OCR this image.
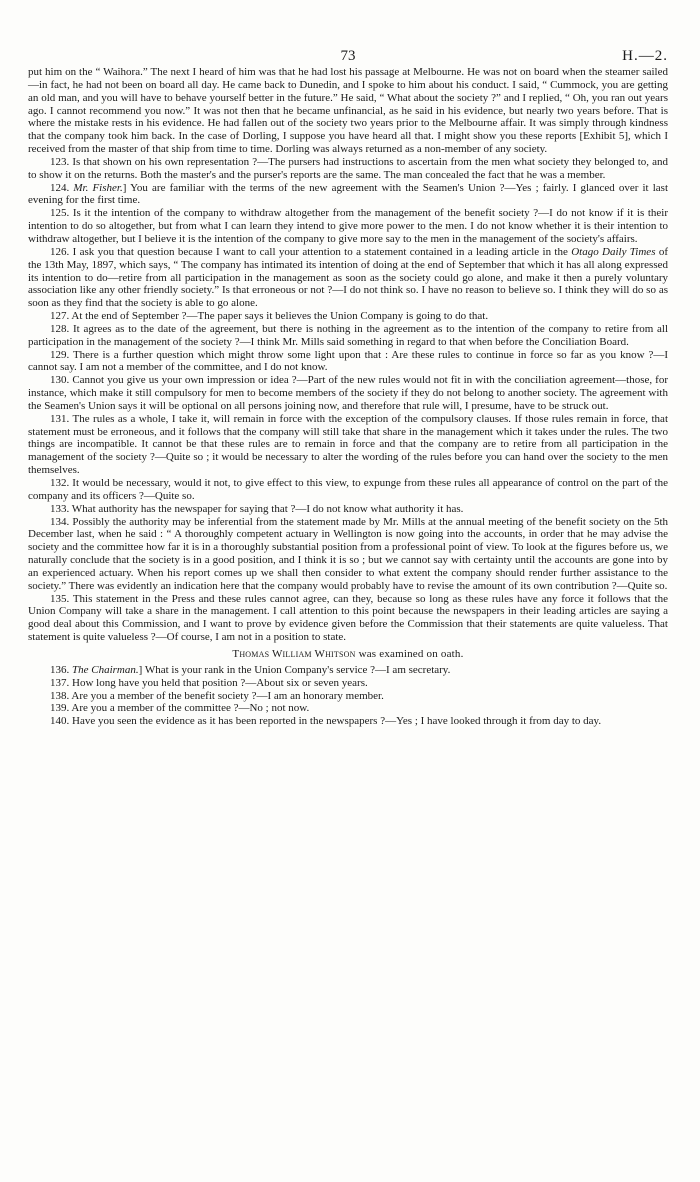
73	H.—2.

put him on the “ Waihora.” The next I heard of him was that he had lost his passage at Melbourne. He was not on board when the steamer sailed—in fact, he had not been on board all day. He came back to Dunedin, and I spoke to him about his conduct. I said, “ Cummock, you are getting an old man, and you will have to behave yourself better in the future.” He said, “ What about the society ?” and I replied, “ Oh, you ran out years ago. I cannot recommend you now.” It was not then that he became unfinancial, as he said in his evidence, but nearly two years before. That is where the mistake rests in his evidence. He had fallen out of the society two years prior to the Melbourne affair. It was simply through kindness that the company took him back. In the case of Dorling, I suppose you have heard all that. I might show you these reports [Exhibit 5], which I received from the master of that ship from time to time. Dorling was always returned as a non-member of any society.

123. Is that shown on his own representation ?—The pursers had instructions to ascertain from the men what society they belonged to, and to show it on the returns. Both the master's and the purser's reports are the same. The man concealed the fact that he was a member.

124. Mr. Fisher.] You are familiar with the terms of the new agreement with the Seamen's Union ?—Yes ; fairly. I glanced over it last evening for the first time.

125. Is it the intention of the company to withdraw altogether from the management of the benefit society ?—I do not know if it is their intention to do so altogether, but from what I can learn they intend to give more power to the men. I do not know whether it is their intention to withdraw altogether, but I believe it is the intention of the company to give more say to the men in the management of the society's affairs.

126. I ask you that question because I want to call your attention to a statement contained in a leading article in the Otago Daily Times of the 13th May, 1897, which says, “ The company has intimated its intention of doing at the end of September that which it has all along expressed its intention to do—retire from all participation in the management as soon as the society could go alone, and make it then a purely voluntary association like any other friendly society.” Is that erroneous or not ?—I do not think so. I have no reason to believe so. I think they will do so as soon as they find that the society is able to go alone.

127. At the end of September ?—The paper says it believes the Union Company is going to do that.

128. It agrees as to the date of the agreement, but there is nothing in the agreement as to the intention of the company to retire from all participation in the management of the society ?—I think Mr. Mills said something in regard to that when before the Conciliation Board.

129. There is a further question which might throw some light upon that : Are these rules to continue in force so far as you know ?—I cannot say. I am not a member of the committee, and I do not know.

130. Cannot you give us your own impression or idea ?—Part of the new rules would not fit in with the conciliation agreement—those, for instance, which make it still compulsory for men to become members of the society if they do not belong to another society. The agreement with the Seamen's Union says it will be optional on all persons joining now, and therefore that rule will, I presume, have to be struck out.

131. The rules as a whole, I take it, will remain in force with the exception of the compulsory clauses. If those rules remain in force, that statement must be erroneous, and it follows that the company will still take that share in the management which it takes under the rules. The two things are incompatible. It cannot be that these rules are to remain in force and that the company are to retire from all participation in the management of the society ?—Quite so ; it would be necessary to alter the wording of the rules before you can hand over the society to the men themselves.

132. It would be necessary, would it not, to give effect to this view, to expunge from these rules all appearance of control on the part of the company and its officers ?—Quite so.

133. What authority has the newspaper for saying that ?—I do not know what authority it has.

134. Possibly the authority may be inferential from the statement made by Mr. Mills at the annual meeting of the benefit society on the 5th December last, when he said : “ A thoroughly competent actuary in Wellington is now going into the accounts, in order that he may advise the society and the committee how far it is in a thoroughly substantial position from a professional point of view. To look at the figures before us, we naturally conclude that the society is in a good position, and I think it is so ; but we cannot say with certainty until the accounts are gone into by an experienced actuary. When his report comes up we shall then consider to what extent the company should render further assistance to the society.” There was evidently an indication here that the company would probably have to revise the amount of its own contribution ?—Quite so.

135. This statement in the Press and these rules cannot agree, can they, because so long as these rules have any force it follows that the Union Company will take a share in the management. I call attention to this point because the newspapers in their leading articles are saying a good deal about this Commission, and I want to prove by evidence given before the Commission that their statements are quite valueless. That statement is quite valueless ?—Of course, I am not in a position to state.

Thomas William Whitson was examined on oath.

136. The Chairman.] What is your rank in the Union Company's service ?—I am secretary.

137. How long have you held that position ?—About six or seven years.

138. Are you a member of the benefit society ?—I am an honorary member.

139. Are you a member of the committee ?—No ; not now.

140. Have you seen the evidence as it has been reported in the newspapers ?—Yes ; I have looked through it from day to day.
